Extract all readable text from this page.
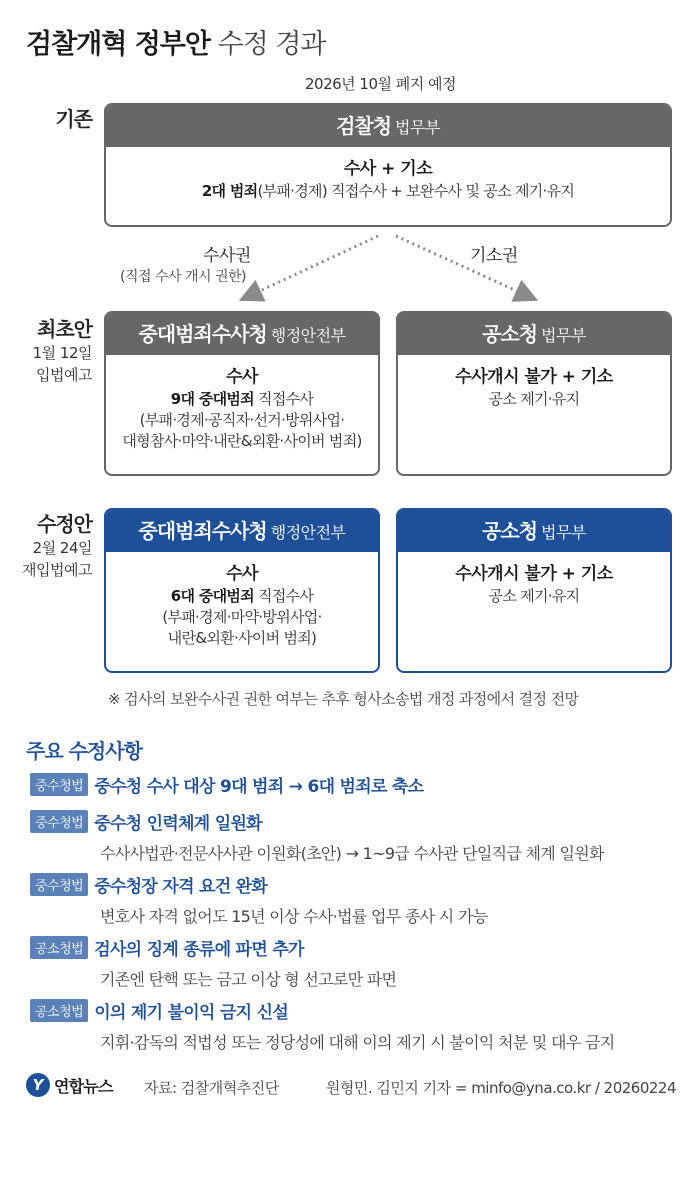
검찰개혁 정부안 수정 경과
2026년 10월 폐지 예정
기존
최초안
1월 12일
입법예고
수정안
2월 24일
재입법예고
검찰청 법무부
수사 + 기소
2대 범죄(부패·경제) 직접수사 + 보완수사 및 공소 제기·유지
수사권
(직접 수사 개시 권한)
기소권
중대범죄수사청 행정안전부
수사
9대 중대범죄 직접수사
(부패·경제·공직자·선거·방위사업·
대형참사·마약·내란&외환·사이버 범죄)
공소청 법무부
수사개시 불가 + 기소
공소 제기·유지
중대범죄수사청 행정안전부
수사
6대 중대범죄 직접수사
(부패·경제·마약·방위사업·
내란&외환·사이버 범죄)
공소청 법무부
수사개시 불가 + 기소
공소 제기·유지
※ 검사의 보완수사권 권한 여부는 추후 형사소송법 개정 과정에서 결정 전망
주요 수정사항
중수청법 중수청 수사 대상 9대 범죄 → 6대 범죄로 축소
중수청법 중수청 인력체계 일원화
수사사법관·전문사사관 이원화(초안) → 1~9급 수사관 단일직급 체계 일원화
중수청법 중수청장 자격 요건 완화
변호사 자격 없어도 15년 이상 수사·법률 업무 종사 시 가능
공소청법 검사의 징계 종류에 파면 추가
기존엔 탄핵 또는 금고 이상 형 선고로만 파면
공소청법 이의 제기 불이익 금지 신설
지휘·감독의 적법성 또는 정당성에 대해 이의 제기 시 불이익 처분 및 대우 금지
Y 연합뉴스 자료: 검찰개혁추진단	원형민. 김민지 기자 = minfo@yna.co.kr / 20260224
